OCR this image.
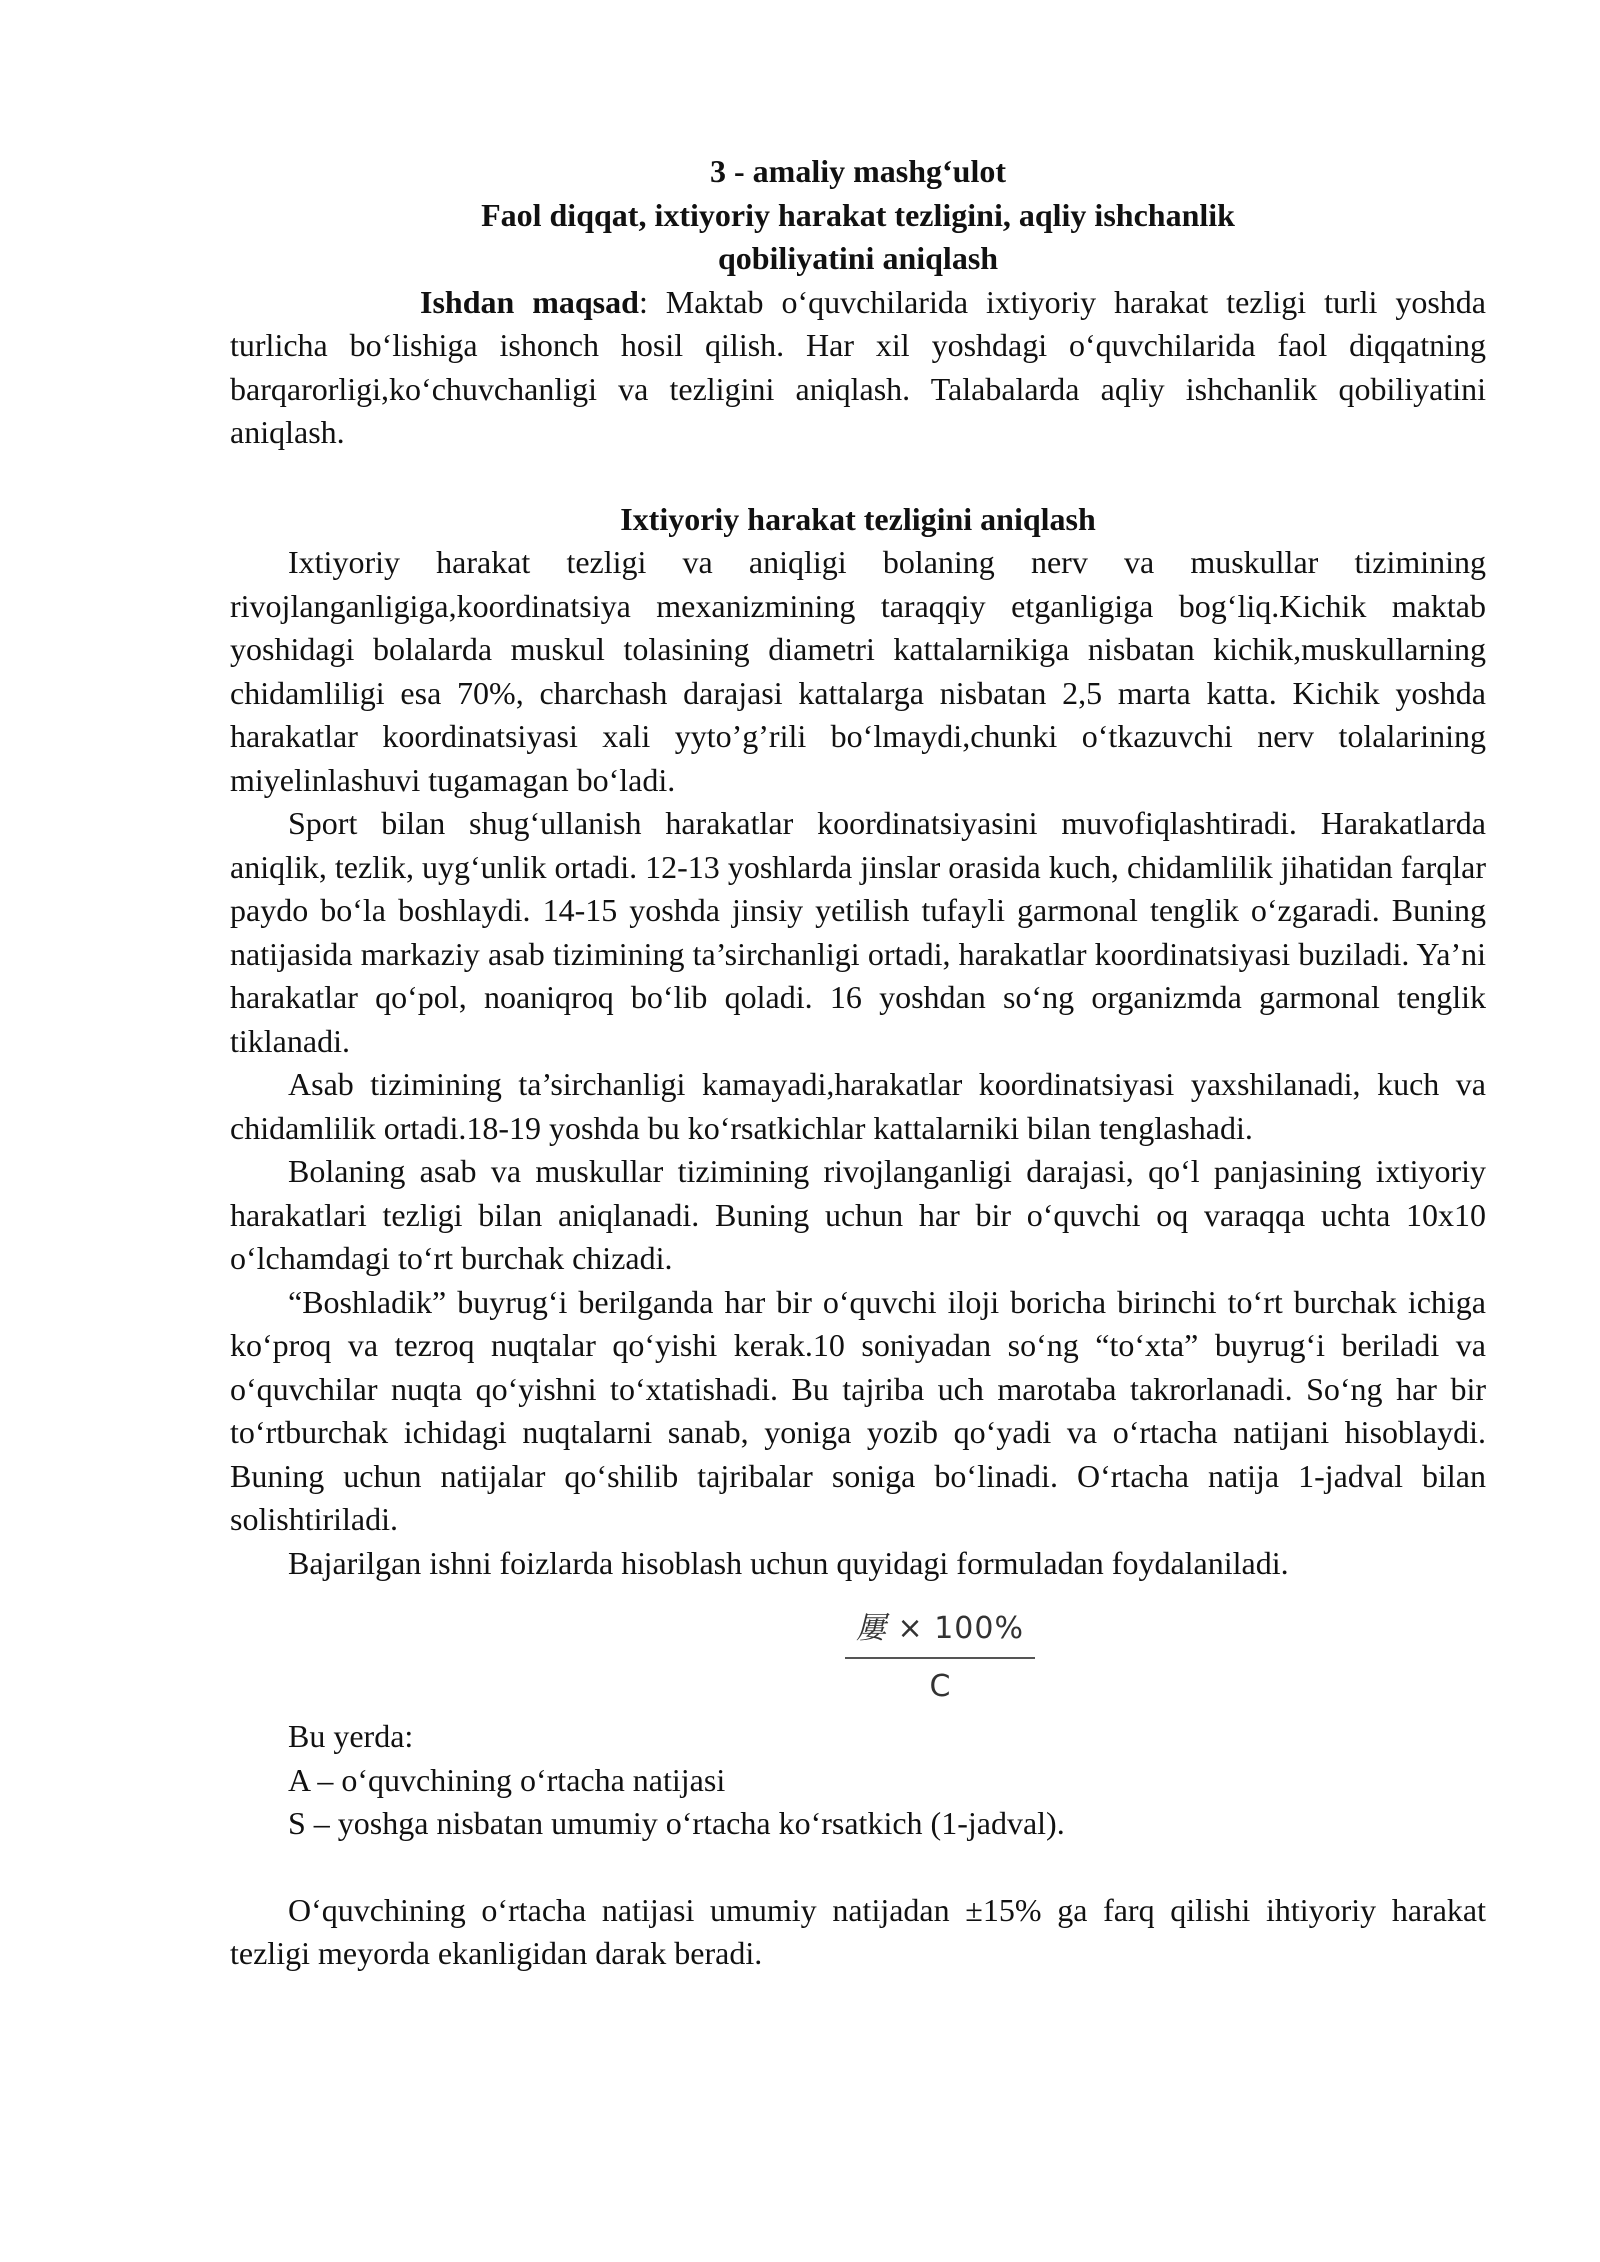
3 - amaliy mashg‘ulot

Faol diqqat, ixtiyoriy harakat tezligini, aqliy ishchanlik

qobiliyatini aniqlash

Ishdan maqsad: Maktab o‘quvchilarida ixtiyoriy harakat tezligi turli yoshda turlicha bo‘lishiga ishonch hosil qilish. Har xil yoshdagi o‘quvchilarida faol diqqatning barqarorligi,ko‘chuvchanligi va tezligini aniqlash. Talabalarda aqliy ishchanlik qobiliyatini aniqlash.

Ixtiyoriy harakat tezligini aniqlash

Ixtiyoriy harakat tezligi va aniqligi bolaning nerv va muskullar tizimining rivojlanganligiga,koordinatsiya mexanizmining taraqqiy etganligiga bog‘liq.Kichik maktab yoshidagi bolalarda muskul tolasining diametri kattalarnikiga nisbatan kichik,muskullarning chidamliligi esa 70%, charchash darajasi kattalarga nisbatan 2,5 marta katta. Kichik yoshda harakatlar koordinatsiyasi xali yyto’g’rili bo‘lmaydi,chunki o‘tkazuvchi nerv tolalarining miyelinlashuvi tugamagan bo‘ladi.

Sport bilan shug‘ullanish harakatlar koordinatsiyasini muvofiqlashtiradi. Harakatlarda aniqlik, tezlik, uyg‘unlik ortadi. 12-13 yoshlarda jinslar orasida kuch, chidamlilik jihatidan farqlar paydo bo‘la boshlaydi. 14-15 yoshda jinsiy yetilish tufayli garmonal tenglik o‘zgaradi. Buning natijasida markaziy asab tizimining ta’sirchanligi ortadi, harakatlar koordinatsiyasi buziladi. Ya’ni harakatlar qo‘pol, noaniqroq bo‘lib qoladi. 16 yoshdan so‘ng organizmda garmonal tenglik tiklanadi.

Asab tizimining ta’sirchanligi kamayadi,harakatlar koordinatsiyasi yaxshilanadi, kuch va chidamlilik ortadi.18-19 yoshda bu ko‘rsatkichlar kattalarniki bilan tenglashadi.

Bolaning asab va muskullar tizimining rivojlanganligi darajasi, qo‘l panjasining ixtiyoriy harakatlari tezligi bilan aniqlanadi. Buning uchun har bir o‘quvchi oq varaqqa uchta 10x10 o‘lchamdagi to‘rt burchak chizadi.

“Boshladik” buyrug‘i berilganda har bir o‘quvchi iloji boricha birinchi to‘rt burchak ichiga ko‘proq va tezroq nuqtalar qo‘yishi kerak.10 soniyadan so‘ng “to‘xta” buyrug‘i beriladi va o‘quvchilar nuqta qo‘yishni to‘xtatishadi. Bu tajriba uch marotaba takrorlanadi. So‘ng har bir to‘rtburchak ichidagi nuqtalarni sanab, yoniga yozib qo‘yadi va o‘rtacha natijani hisoblaydi. Buning uchun natijalar qo‘shilib tajribalar soniga bo‘linadi. O‘rtacha natija 1-jadval bilan solishtiriladi.

Bajarilgan ishni foizlarda hisoblash uchun quyidagi formuladan foydalaniladi.

屢 × 100%
C

Bu yerda:

A – o‘quvchining o‘rtacha natijasi

S – yoshga nisbatan umumiy o‘rtacha ko‘rsatkich (1-jadval).

O‘quvchining o‘rtacha natijasi umumiy natijadan ±15% ga farq qilishi ihtiyoriy harakat tezligi meyorda ekanligidan darak beradi.
